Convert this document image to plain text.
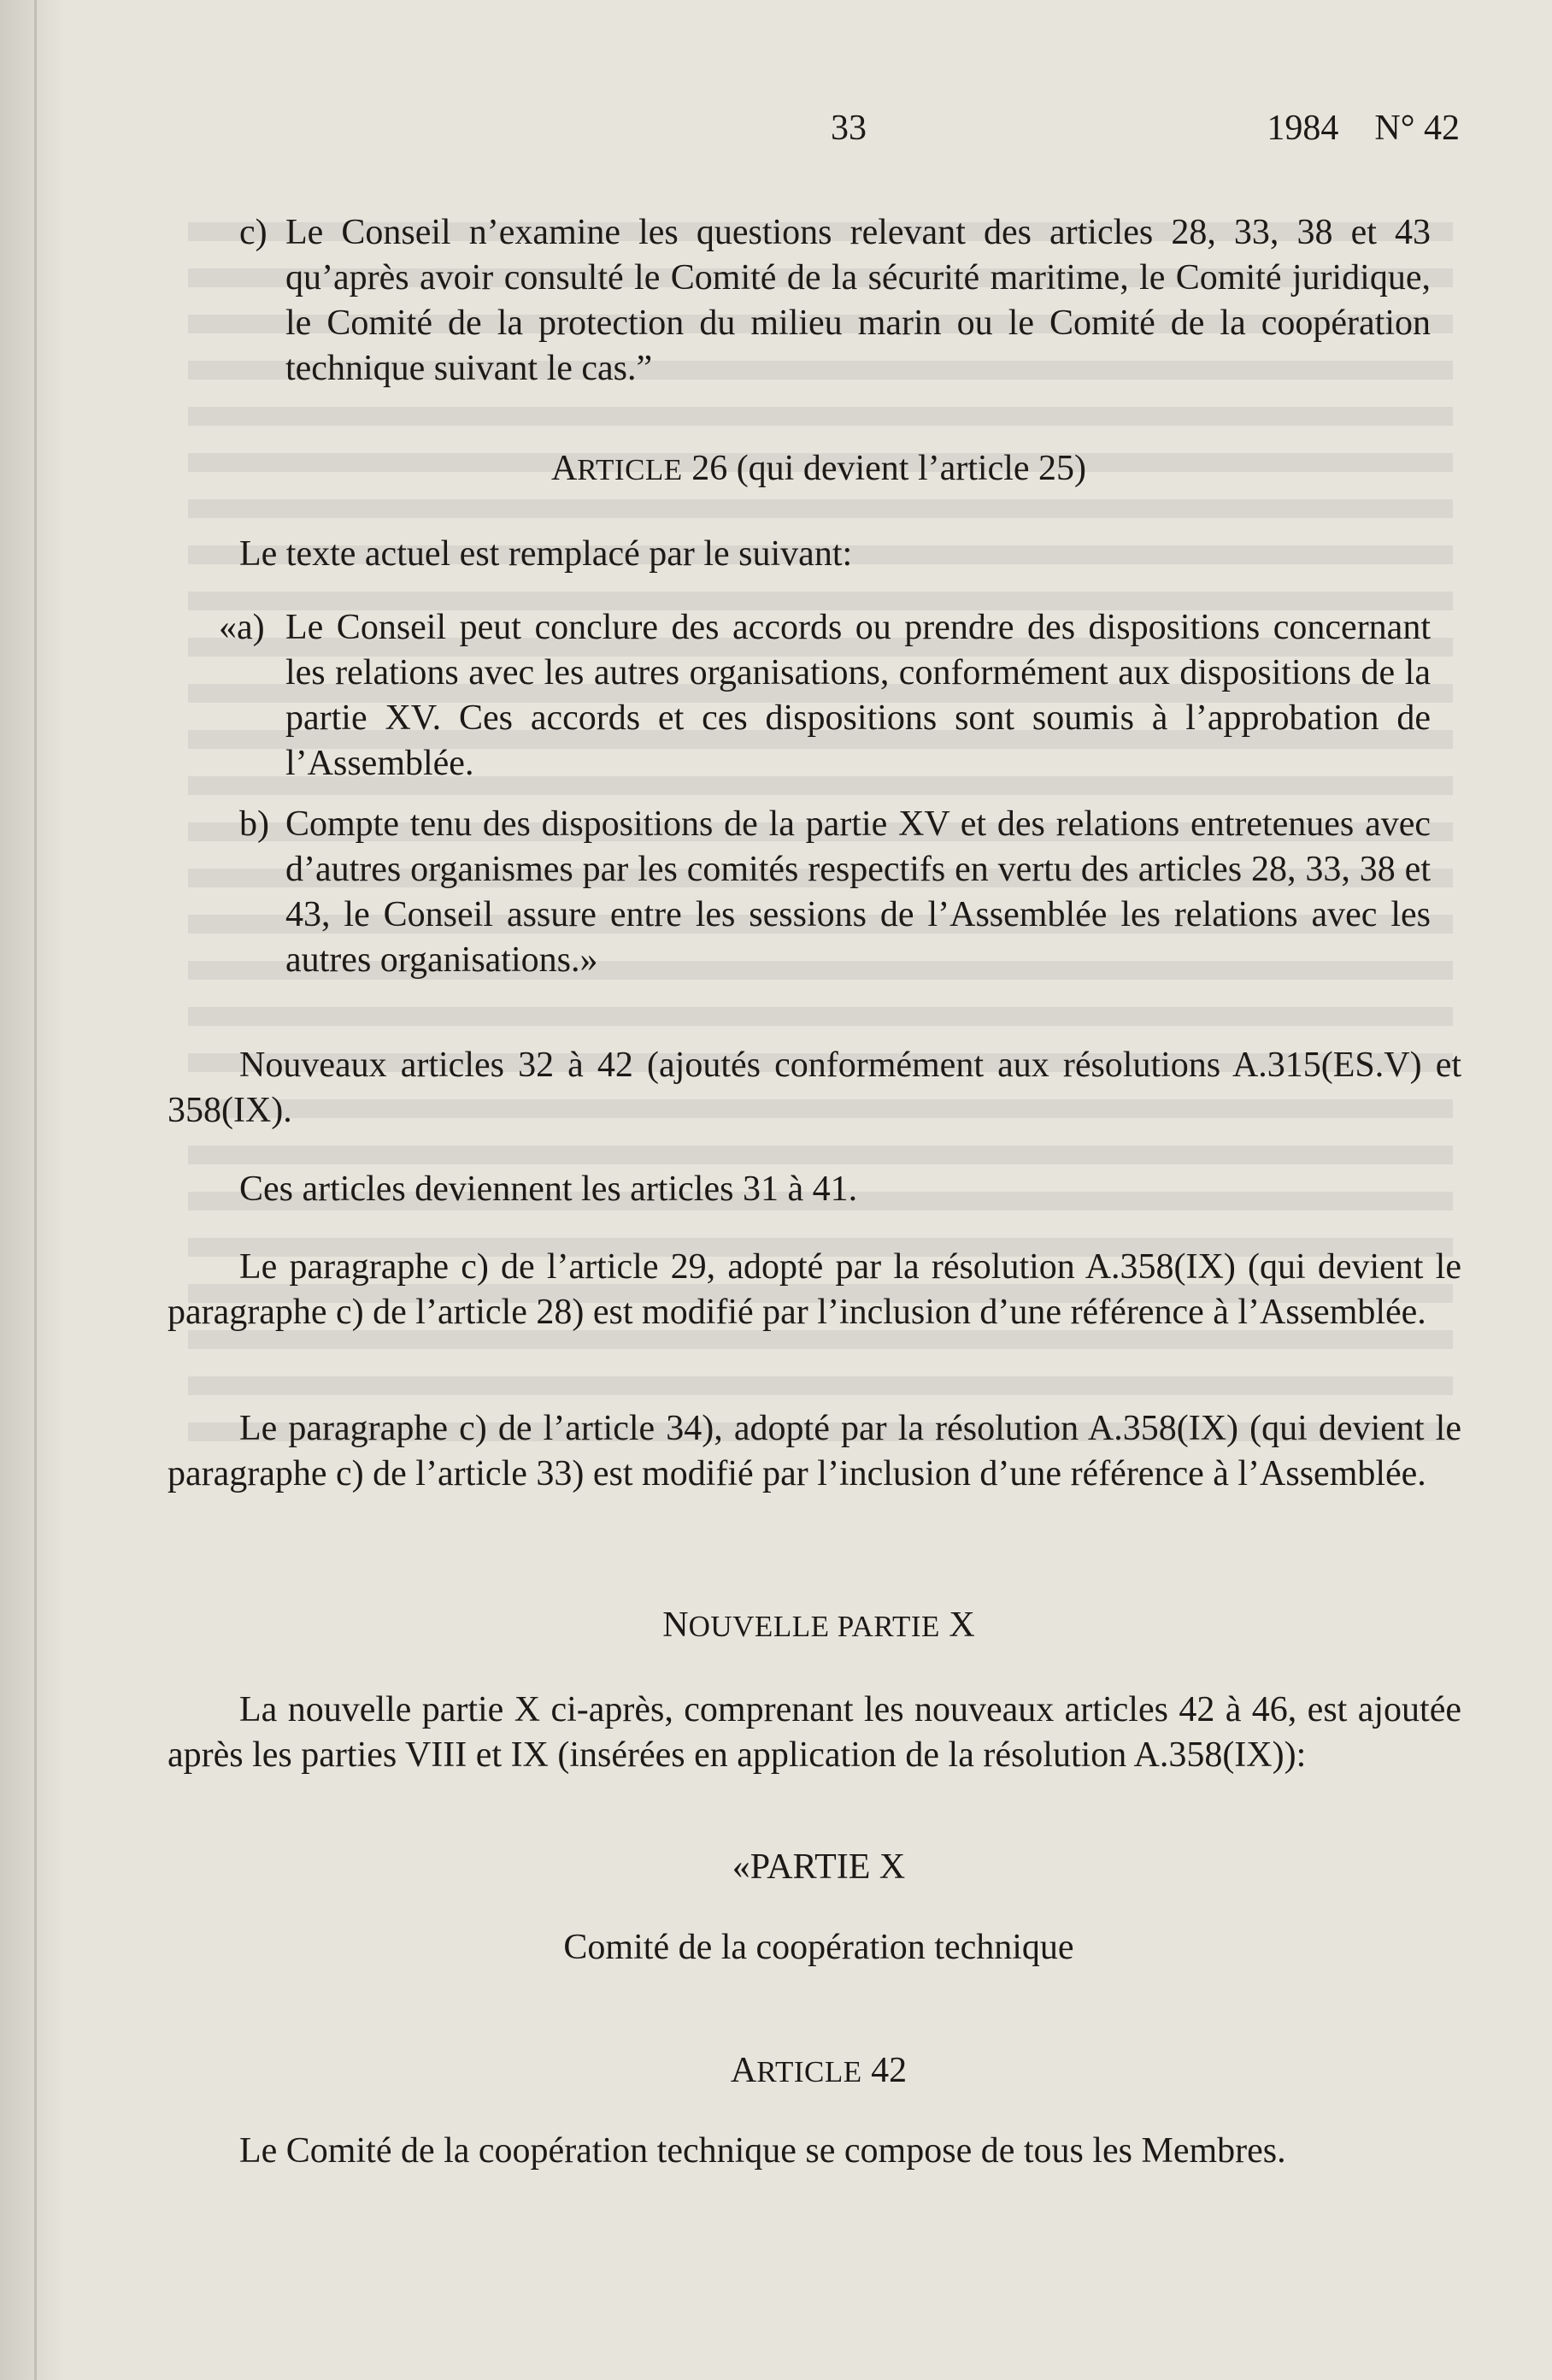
33	1984 N° 42
c) Le Conseil n’examine les questions relevant des articles 28, 33, 38 et 43 qu’après avoir consulté le Comité de la sécurité maritime, le Comité juridique, le Comité de la protection du milieu marin ou le Comité de la coopération technique suivant le cas.”
ARTICLE 26 (qui devient l’article 25)
Le texte actuel est remplacé par le suivant:
«a) Le Conseil peut conclure des accords ou prendre des dispositions concernant les relations avec les autres organisations, conformément aux dispositions de la partie XV. Ces accords et ces dispositions sont soumis à l’approbation de l’Assemblée.
b) Compte tenu des dispositions de la partie XV et des relations entretenues avec d’autres organismes par les comités respectifs en vertu des articles 28, 33, 38 et 43, le Conseil assure entre les sessions de l’Assemblée les relations avec les autres organisations.»
Nouveaux articles 32 à 42 (ajoutés conformément aux résolutions A.315(ES.V) et 358(IX).
Ces articles deviennent les articles 31 à 41.
Le paragraphe c) de l’article 29, adopté par la résolution A.358(IX) (qui devient le paragraphe c) de l’article 28) est modifié par l’inclusion d’une référence à l’Assemblée.
Le paragraphe c) de l’article 34), adopté par la résolution A.358(IX) (qui devient le paragraphe c) de l’article 33) est modifié par l’inclusion d’une référence à l’Assemblée.
NOUVELLE PARTIE X
La nouvelle partie X ci-après, comprenant les nouveaux articles 42 à 46, est ajoutée après les parties VIII et IX (insérées en application de la résolution A.358(IX)):
«PARTIE X
Comité de la coopération technique
ARTICLE 42
Le Comité de la coopération technique se compose de tous les Membres.
